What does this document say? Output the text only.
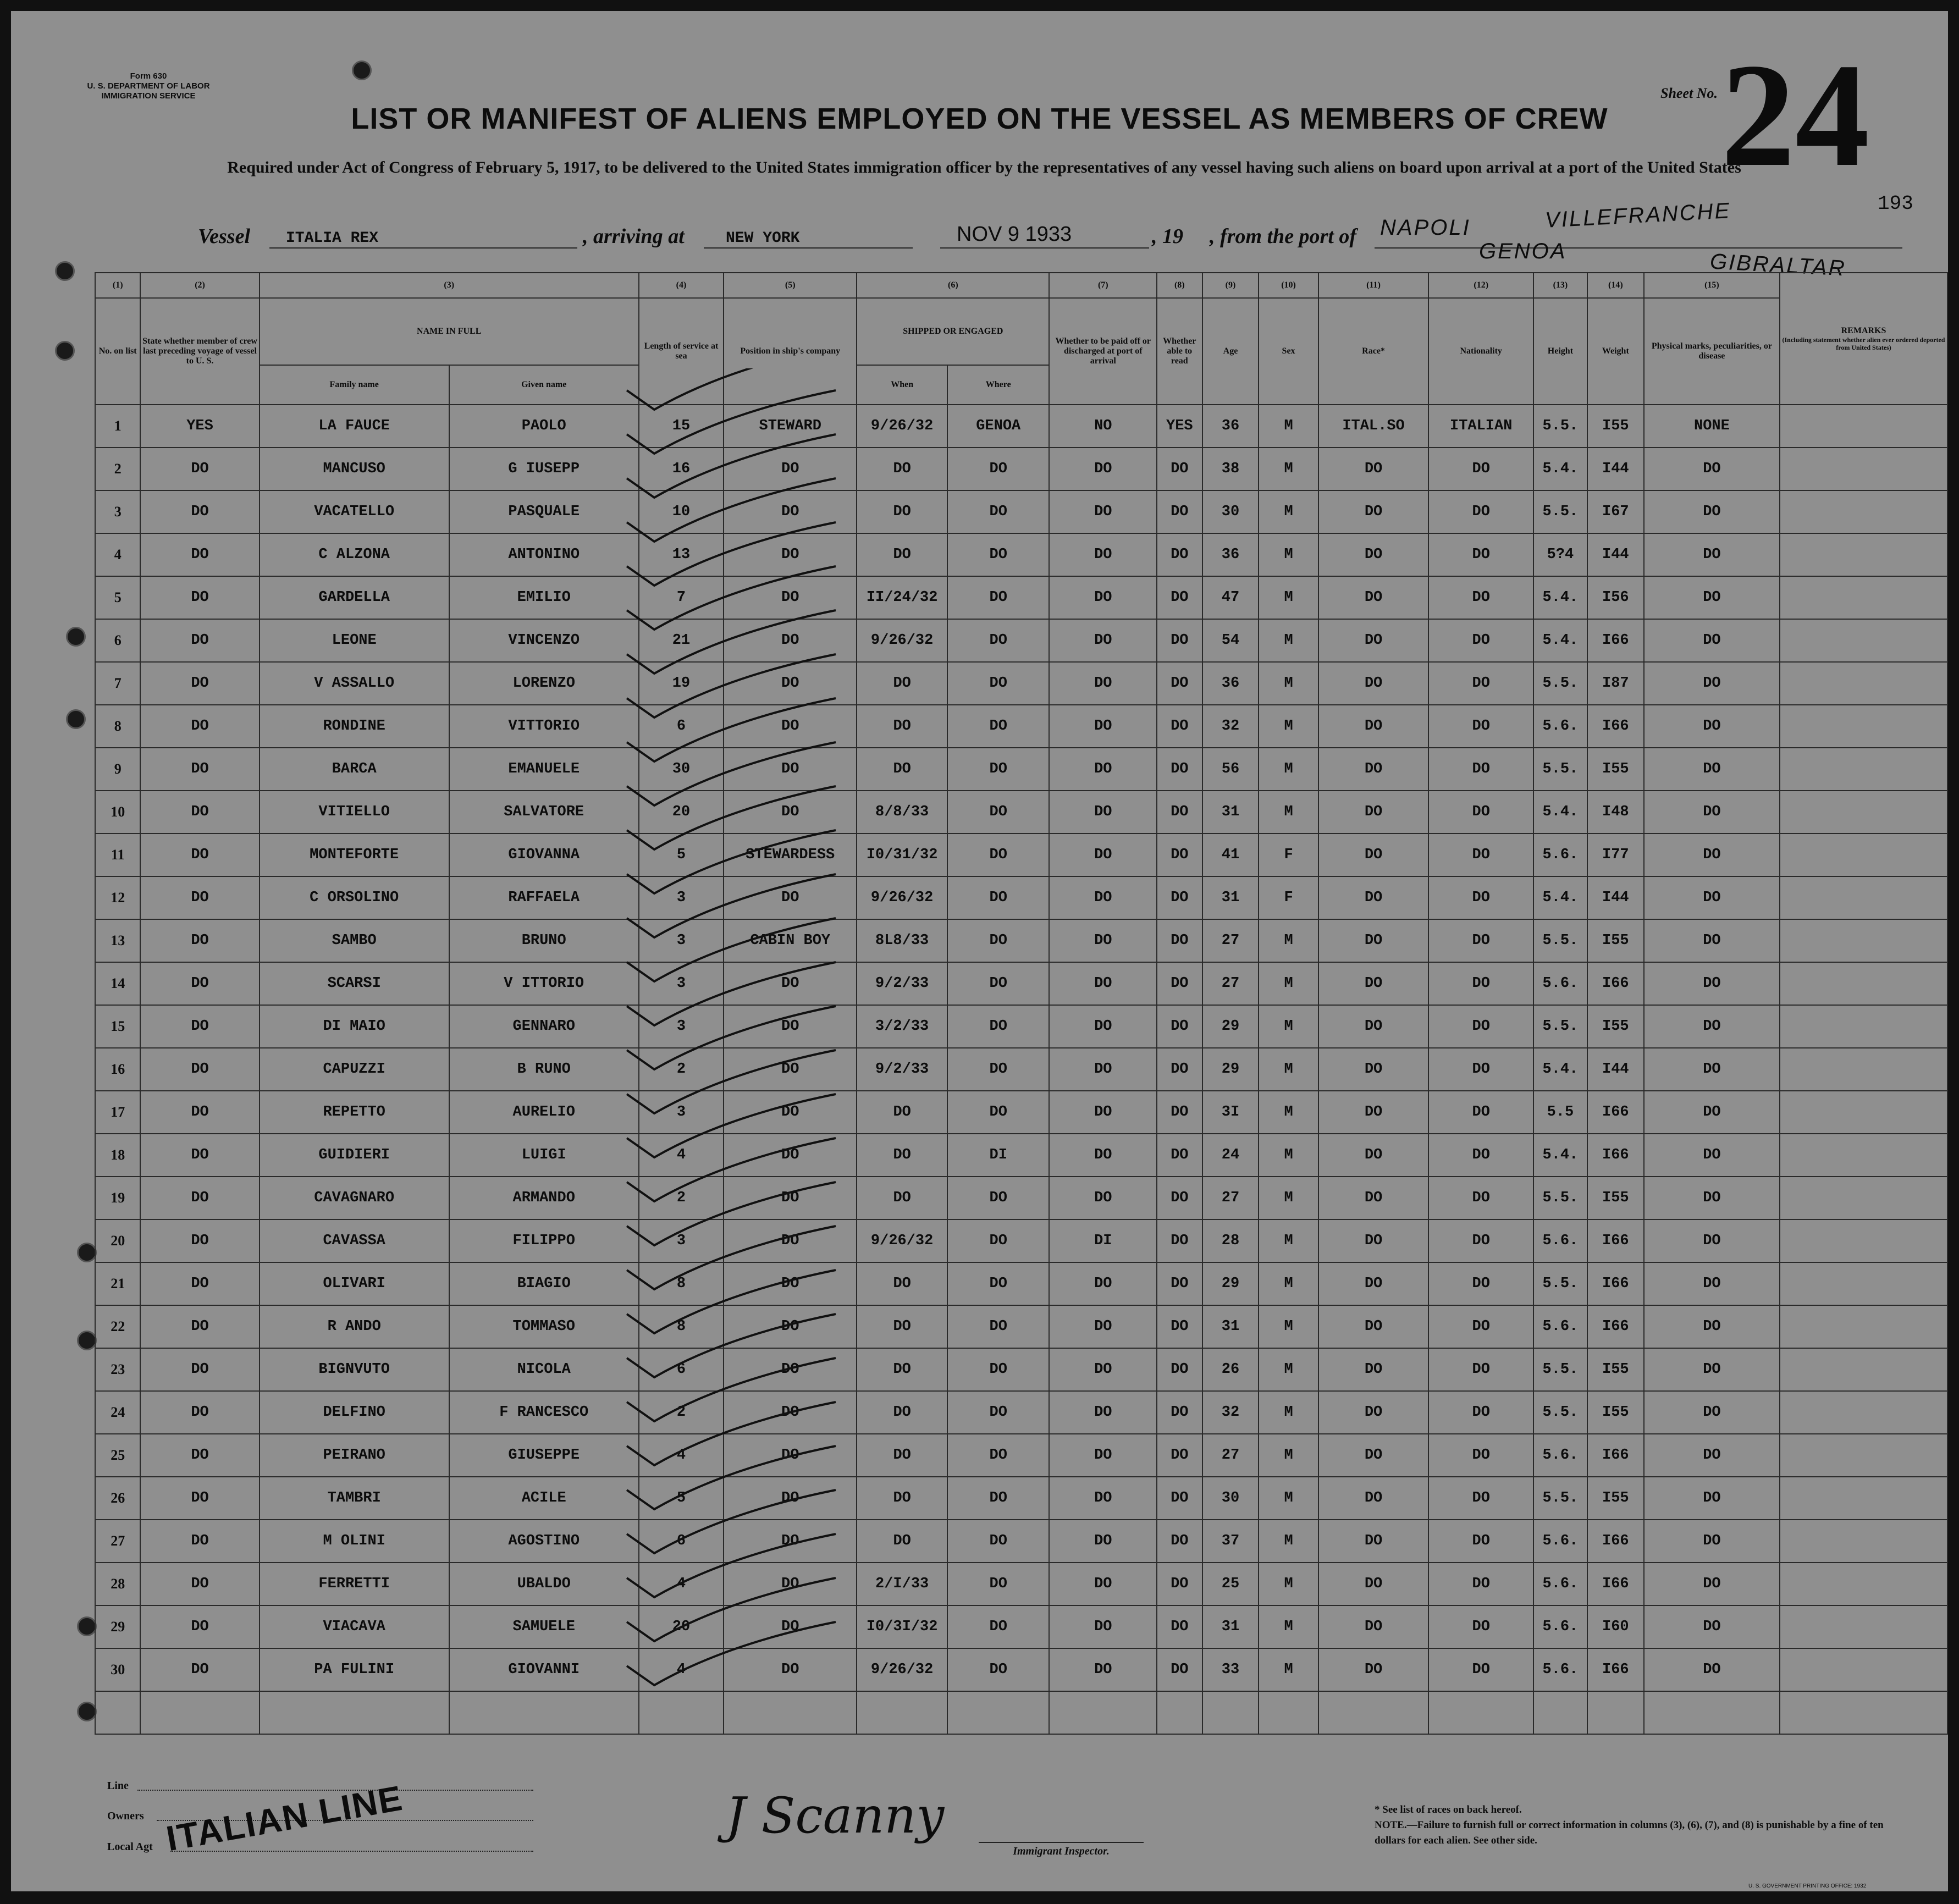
Form 630
U. S. DEPARTMENT OF LABOR
IMMIGRATION SERVICE	Sheet No. 24
193
LIST OR MANIFEST OF ALIENS EMPLOYED ON THE VESSEL AS MEMBERS OF CREW
Required under Act of Congress of February 5, 1917, to be delivered to the United States immigration officer by the representatives of any vessel having such aliens on board upon arrival at a port of the United States
Vessel ITALIA REX	, arriving at	NEW YORK	NOV 9 1933	, 19 , from the port of NAPOLI
GENOA
VILLEFRANCHE
GIBRALTAR
(1)	(2)	(3)		(4)	(5)	(6)		(7)	(8)	(9)	(10)	(11)	(12)	(13)	(14)	(15)	REMARKS
(Including statement whether alien ever ordered deported from United States)

No. on list	State whether member of crew last preceding voyage of vessel to U. S.	NAME IN FULL		Length of service at sea	Position in ship's company	SHIPPED OR ENGAGED		Whether to be paid off or discharged at port of arrival	Whether able to read	Age	Sex	Race*	Nationality	Height	Weight	Physical marks, peculiarities, or disease	
		Family name	Given name			When	Where										
1	YES	LA FAUCE	PAOLO	15	STEWARD	9/26/32	GENOA	NO	YES	36	M	ITAL.SO	ITALIAN	5.5.	I55	NONE	
2	DO	MANCUSO	G IUSEPP	16	DO	DO	DO	DO	DO	38	M	DO	DO	5.4.	I44	DO	
3	DO	VACATELLO	PASQUALE	10	DO	DO	DO	DO	DO	30	M	DO	DO	5.5.	I67	DO	
4	DO	C ALZONA	ANTONINO	13	DO	DO	DO	DO	DO	36	M	DO	DO	5?4	I44	DO	
5	DO	GARDELLA	EMILIO	7	DO	II/24/32	DO	DO	DO	47	M	DO	DO	5.4.	I56	DO	
6	DO	LEONE	VINCENZO	21	DO	9/26/32	DO	DO	DO	54	M	DO	DO	5.4.	I66	DO	
7	DO	V ASSALLO	LORENZO	19	DO	DO	DO	DO	DO	36	M	DO	DO	5.5.	I87	DO	
8	DO	RONDINE	VITTORIO	6	DO	DO	DO	DO	DO	32	M	DO	DO	5.6.	I66	DO	
9	DO	BARCA	EMANUELE	30	DO	DO	DO	DO	DO	56	M	DO	DO	5.5.	I55	DO	
10	DO	VITIELLO	SALVATORE	20	DO	8/8/33	DO	DO	DO	31	M	DO	DO	5.4.	I48	DO	
11	DO	MONTEFORTE	GIOVANNA	5	STEWARDESS	I0/31/32	DO	DO	DO	41	F	DO	DO	5.6.	I77	DO	
12	DO	C ORSOLINO	RAFFAELA	3	DO	9/26/32	DO	DO	DO	31	F	DO	DO	5.4.	I44	DO	
13	DO	SAMBO	BRUNO	3	CABIN BOY	8L8/33	DO	DO	DO	27	M	DO	DO	5.5.	I55	DO	
14	DO	SCARSI	V ITTORIO	3	DO	9/2/33	DO	DO	DO	27	M	DO	DO	5.6.	I66	DO	
15	DO	DI MAIO	GENNARO	3	DO	3/2/33	DO	DO	DO	29	M	DO	DO	5.5.	I55	DO	
16	DO	CAPUZZI	B RUNO	2	DO	9/2/33	DO	DO	DO	29	M	DO	DO	5.4.	I44	DO	
17	DO	REPETTO	AURELIO	3	DO	DO	DO	DO	DO	3I	M	DO	DO	5.5	I66	DO	
18	DO	GUIDIERI	LUIGI	4	DO	DO	DI	DO	DO	24	M	DO	DO	5.4.	I66	DO	
19	DO	CAVAGNARO	ARMANDO	2	DO	DO	DO	DO	DO	27	M	DO	DO	5.5.	I55	DO	
20	DO	CAVASSA	FILIPPO	3	DO	9/26/32	DO	DI	DO	28	M	DO	DO	5.6.	I66	DO	
21	DO	OLIVARI	BIAGIO	8	DO	DO	DO	DO	DO	29	M	DO	DO	5.5.	I66	DO	
22	DO	R ANDO	TOMMASO	8	DO	DO	DO	DO	DO	31	M	DO	DO	5.6.	I66	DO	
23	DO	BIGNVUTO	NICOLA	6	DO	DO	DO	DO	DO	26	M	DO	DO	5.5.	I55	DO	
24	DO	DELFINO	F RANCESCO	2	DO	DO	DO	DO	DO	32	M	DO	DO	5.5.	I55	DO	
25	DO	PEIRANO	GIUSEPPE	4	DO	DO	DO	DO	DO	27	M	DO	DO	5.6.	I66	DO	
26	DO	TAMBRI	ACILE	5	DO	DO	DO	DO	DO	30	M	DO	DO	5.5.	I55	DO	
27	DO	M OLINI	AGOSTINO	6	DO	DO	DO	DO	DO	37	M	DO	DO	5.6.	I66	DO	
28	DO	FERRETTI	UBALDO	4	DO	2/I/33	DO	DO	DO	25	M	DO	DO	5.6.	I66	DO	
29	DO	VIACAVA	SAMUELE	20	DO	I0/3I/32	DO	DO	DO	31	M	DO	DO	5.6.	I60	DO	
30	DO	PA FULINI	GIOVANNI	4	DO	9/26/32	DO	DO	DO	33	M	DO	DO	5.6.	I66	DO	

Line
Owners
Local Agt ITALIAN LINE	J Scanny
Immigrant Inspector.
* See list of races on back hereof.
NOTE.—Failure to furnish full or correct information in columns (3), (6), (7), and (8) is punishable by a fine of ten dollars for each alien. See other side.
U. S. GOVERNMENT PRINTING OFFICE: 1932
